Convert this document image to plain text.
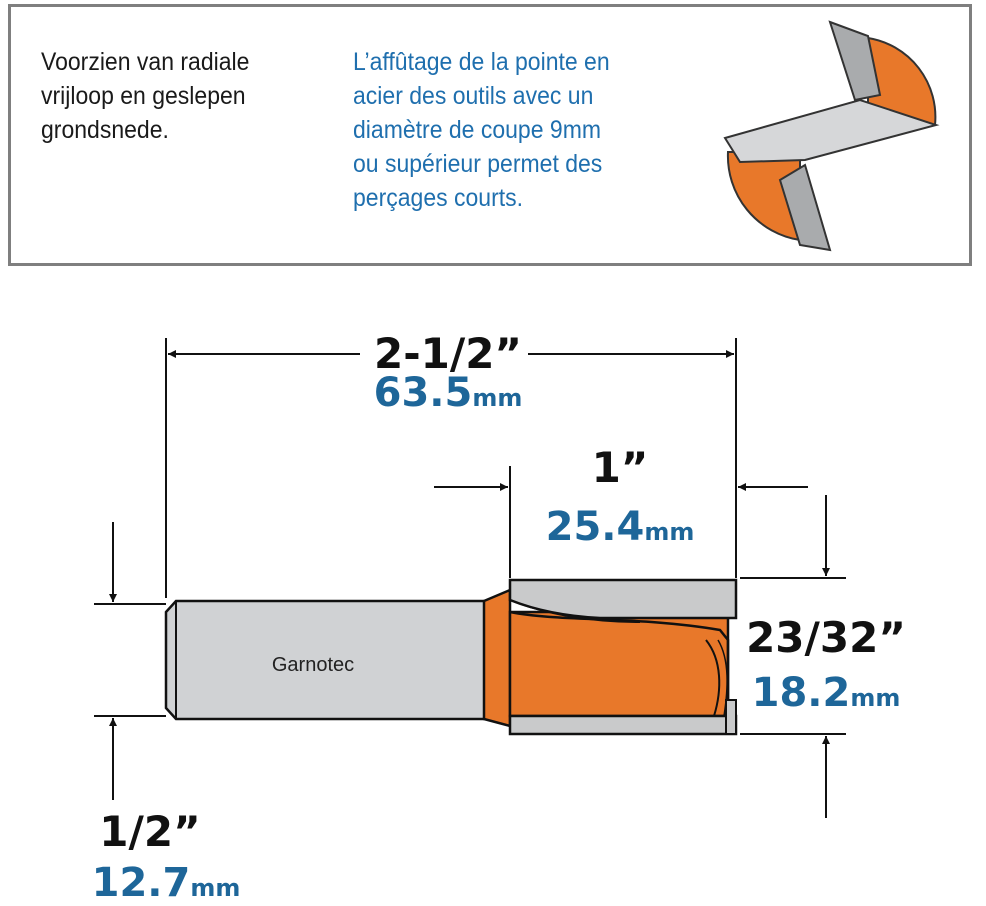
Voorzien van radiale
vrijloop en geslepen
grondsnede.
L’affûtage de la pointe en
acier des outils avec un
diamètre de coupe 9mm
ou supérieur permet des
perçages courts.
Garnotec
2-1/2”
63.5mm
1”
25.4mm
23/32”
18.2mm
1/2”
12.7mm
